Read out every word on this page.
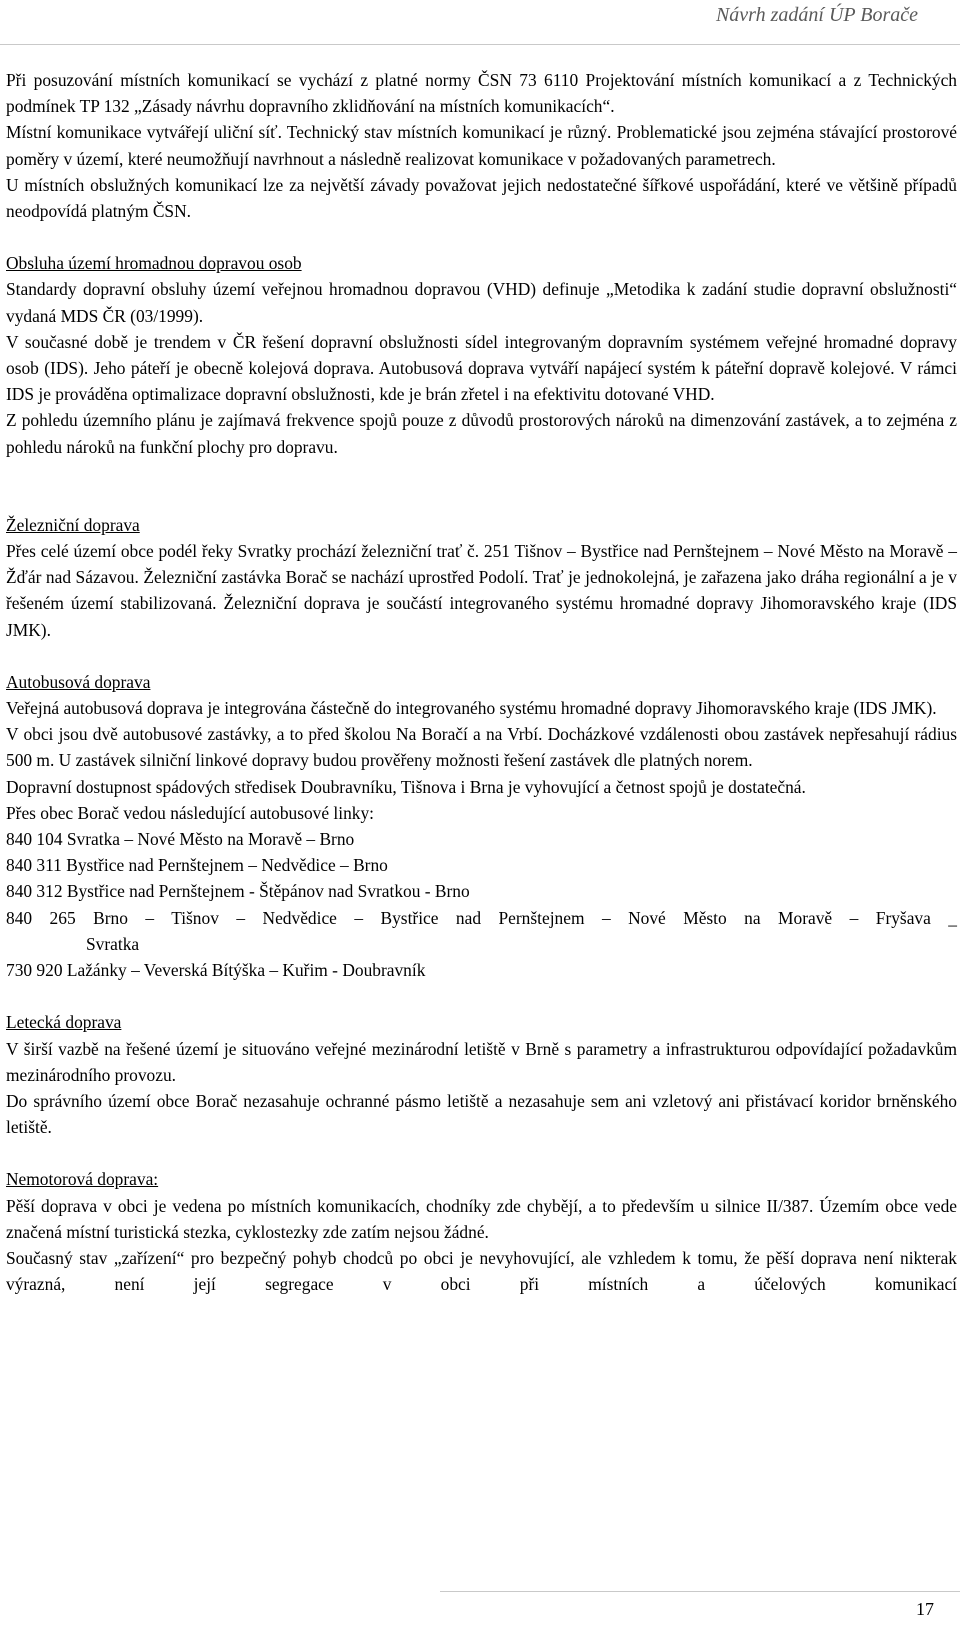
Návrh zadání ÚP Borače

Při posuzování místních komunikací se vychází z platné normy ČSN 73 6110 Projektování místních komunikací a z Technických podmínek TP 132 „Zásady návrhu dopravního zklidňování na místních komunikacích“.

Místní komunikace vytvářejí uliční síť. Technický stav místních komunikací je různý. Problematické jsou zejména stávající prostorové poměry v území, které neumožňují navrhnout a následně realizovat komunikace v požadovaných parametrech.

U místních obslužných komunikací lze za největší závady považovat jejich nedostatečné šířkové uspořádání, které ve většině případů neodpovídá platným ČSN.

Obsluha území hromadnou dopravou osob

Standardy dopravní obsluhy území veřejnou hromadnou dopravou (VHD) definuje „Metodika k zadání studie dopravní obslužnosti“ vydaná MDS ČR (03/1999).

V současné době je trendem v ČR řešení dopravní obslužnosti sídel integrovaným dopravním systémem veřejné hromadné dopravy osob (IDS). Jeho páteří je obecně kolejová doprava. Autobusová doprava vytváří napájecí systém k páteřní dopravě kolejové. V rámci IDS je prováděna optimalizace dopravní obslužnosti, kde je brán zřetel i na efektivitu dotované VHD.

Z pohledu územního plánu je zajímavá frekvence spojů pouze z důvodů prostorových nároků na dimenzování zastávek, a to zejména z pohledu nároků na funkční plochy pro dopravu.

Železniční doprava

Přes celé území obce podél řeky Svratky prochází železniční trať č. 251 Tišnov – Bystřice nad Pernštejnem – Nové Město na Moravě – Žďár nad Sázavou. Železniční zastávka Borač se nachází uprostřed Podolí. Trať je jednokolejná, je zařazena jako dráha regionální a je v řešeném území stabilizovaná. Železniční doprava je součástí integrovaného systému hromadné dopravy Jihomoravského kraje (IDS JMK).

Autobusová doprava

Veřejná autobusová doprava je integrována částečně do integrovaného systému hromadné dopravy Jihomoravského kraje (IDS JMK).

V obci jsou dvě autobusové zastávky, a to před školou Na Boračí a na Vrbí. Docházkové vzdálenosti obou zastávek nepřesahují rádius 500 m. U zastávek silniční linkové dopravy budou prověřeny možnosti řešení zastávek dle platných norem.

Dopravní dostupnost spádových středisek Doubravníku, Tišnova i Brna je vyhovující a četnost spojů je dostatečná.

Přes obec Borač vedou následující autobusové linky:

840 104 Svratka – Nové Město na Moravě – Brno

840 311 Bystřice nad Pernštejnem – Nedvědice – Brno

840 312 Bystřice nad Pernštejnem - Štěpánov nad Svratkou - Brno

840 265 Brno – Tišnov – Nedvědice – Bystřice nad Pernštejnem – Nové Město na Moravě – Fryšava _

Svratka

730 920 Lažánky – Veverská Bítýška – Kuřim - Doubravník

Letecká doprava

V širší vazbě na řešené území je situováno veřejné mezinárodní letiště v Brně s parametry a infrastrukturou odpovídající požadavkům mezinárodního provozu.

Do správního území obce Borač nezasahuje ochranné pásmo letiště a nezasahuje sem ani vzletový ani přistávací koridor brněnského letiště.

Nemotorová doprava:

Pěší doprava v obci je vedena po místních komunikacích, chodníky zde chybějí, a to především u silnice II/387. Územím obce vede značená místní turistická stezka, cyklostezky zde zatím nejsou žádné.

Současný stav „zařízení“ pro bezpečný pohyb chodců po obci je nevyhovující, ale vzhledem k tomu, že pěší doprava není nikterak výrazná, není její segregace v obci při místních a účelových komunikací

17
